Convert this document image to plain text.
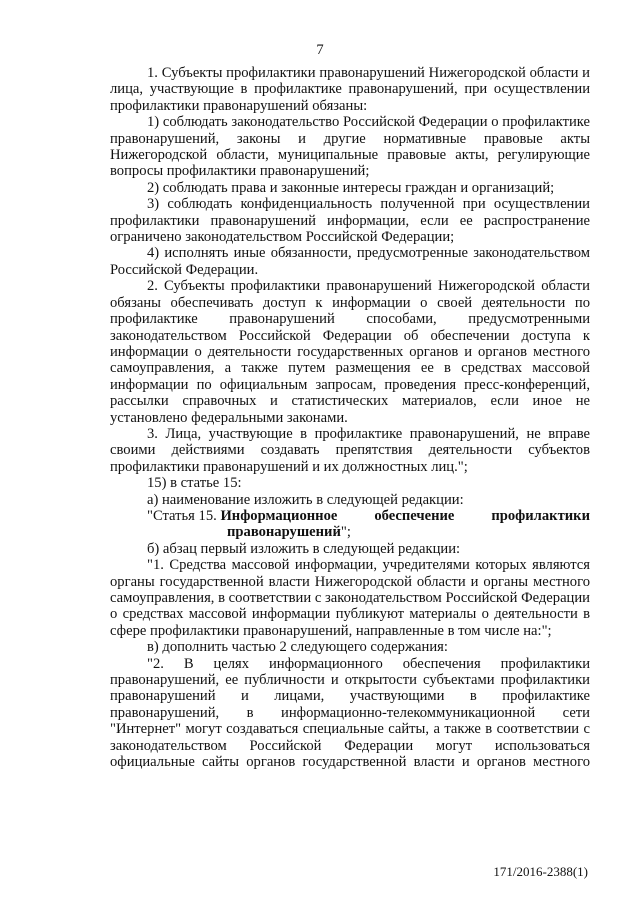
7

1. Субъекты профилактики правонарушений Нижегородской области и лица, участвующие в профилактике правонарушений, при осуществлении профилактики правонарушений обязаны:

1) соблюдать законодательство Российской Федерации о профилактике правонарушений, законы и другие нормативные правовые акты Нижегородской области, муниципальные правовые акты, регулирующие вопросы профилактики правонарушений;

2) соблюдать права и законные интересы граждан и организаций;

3) соблюдать конфиденциальность полученной при осуществлении профилактики правонарушений информации, если ее распространение ограничено законодательством Российской Федерации;

4) исполнять иные обязанности, предусмотренные законодательством Российской Федерации.

2. Субъекты профилактики правонарушений Нижегородской области обязаны обеспечивать доступ к информации о своей деятельности по профилактике правонарушений способами, предусмотренными законодательством Российской Федерации об обеспечении доступа к информации о деятельности государственных органов и органов местного самоуправления, а также путем размещения ее в средствах массовой информации по официальным запросам, проведения пресс-конференций, рассылки справочных и статистических материалов, если иное не установлено федеральными законами.

3. Лица, участвующие в профилактике правонарушений, не вправе своими действиями создавать препятствия деятельности субъектов профилактики правонарушений и их должностных лиц.";

15) в статье 15:

а) наименование изложить в следующей редакции:

"Статья 15. Информационное	обеспечение	профилактики
правонарушений";

б) абзац первый изложить в следующей редакции:

"1. Средства массовой информации, учредителями которых являются органы государственной власти Нижегородской области и органы местного самоуправления, в соответствии с законодательством Российской Федерации о средствах массовой информации публикуют материалы о деятельности в сфере профилактики правонарушений, направленные в том числе на:";

в) дополнить частью 2 следующего содержания:

"2. В целях информационного обеспечения профилактики правонарушений, ее публичности и открытости субъектами профилактики правонарушений и лицами, участвующими в профилактике правонарушений, в информационно-телекоммуникационной сети "Интернет" могут создаваться специальные сайты, а также в соответствии с законодательством Российской Федерации могут использоваться официальные сайты органов государственной власти и органов местного

171/2016-2388(1)
